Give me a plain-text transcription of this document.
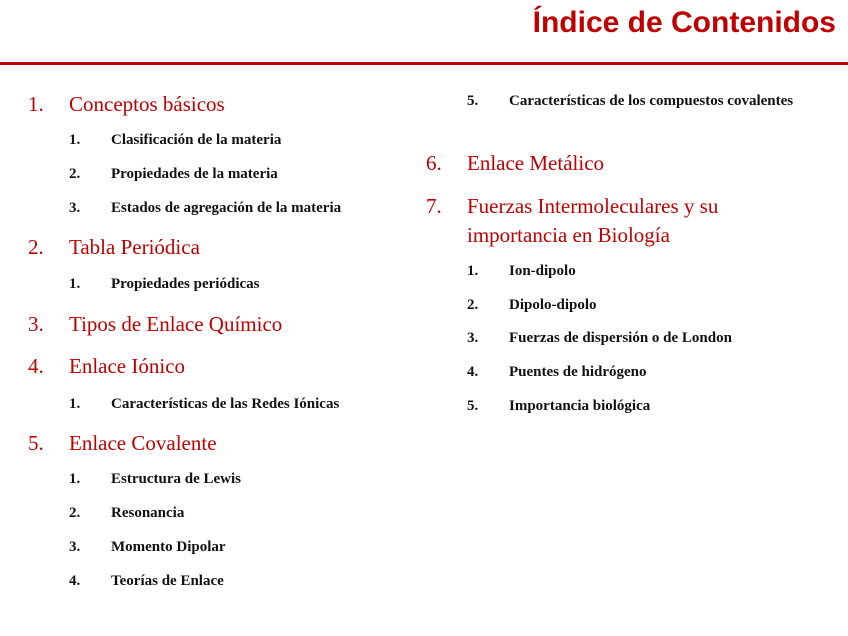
Índice de Contenidos
1.	Conceptos básicos
1.	Clasificación de la materia
2.	Propiedades de la materia
3.	Estados de agregación de la materia
2.	Tabla Periódica
1.	Propiedades periódicas
3.	Tipos de Enlace Químico
4.	Enlace Iónico
1.	Características de las Redes Iónicas
5.	Enlace Covalente
1.	Estructura de Lewis
2.	Resonancia
3.	Momento Dipolar
4.	Teorías de Enlace
5.	Características de los compuestos covalentes
6.	Enlace Metálico
7.	Fuerzas Intermoleculares y su importancia en Biología
1.	Ion-dipolo
2.	Dipolo-dipolo
3.	Fuerzas de dispersión o de London
4.	Puentes de hidrógeno
5.	Importancia biológica
